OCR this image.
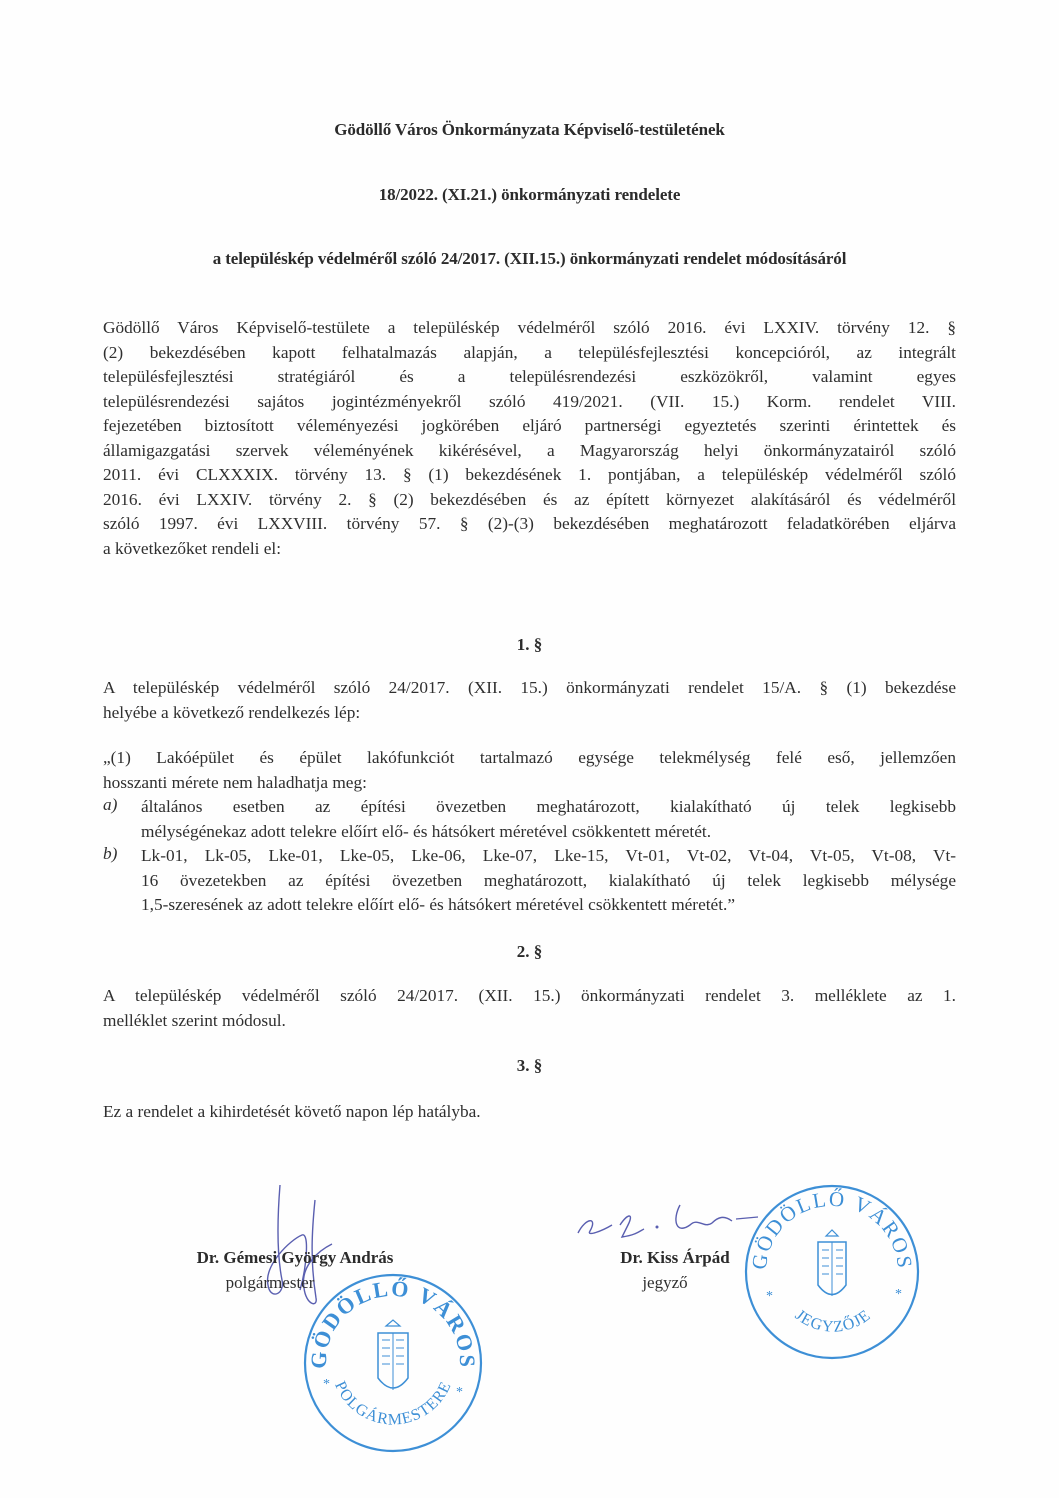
Gödöllő Város Önkormányzata Képviselő-testületének
18/2022. (XI.21.) önkormányzati rendelete
a településkép védelméről szóló 24/2017. (XII.15.) önkormányzati rendelet módosításáról
Gödöllő Város Képviselő-testülete a településkép védelméről szóló 2016. évi LXXIV. törvény 12. §
(2) bekezdésében kapott felhatalmazás alapján, a településfejlesztési koncepcióról, az integrált
településfejlesztési stratégiáról és a településrendezési eszközökről, valamint egyes
településrendezési sajátos jogintézményekről szóló 419/2021. (VII. 15.) Korm. rendelet VIII.
fejezetében biztosított véleményezési jogkörében eljáró partnerségi egyeztetés szerinti érintettek és
államigazgatási szervek véleményének kikérésével, a Magyarország helyi önkormányzatairól szóló
2011. évi CLXXXIX. törvény 13. § (1) bekezdésének 1. pontjában, a településkép védelméről szóló
2016. évi LXXIV. törvény 2. § (2) bekezdésében és az épített környezet alakításáról és védelméről
szóló 1997. évi LXXVIII. törvény 57. § (2)-(3) bekezdésében meghatározott feladatkörében eljárva
a következőket rendeli el:
1. §
A településkép védelméről szóló 24/2017. (XII. 15.) önkormányzati rendelet 15/A. § (1) bekezdése
helyébe a következő rendelkezés lép:
„(1) Lakóépület és épület lakófunkciót tartalmazó egysége telekmélység felé eső, jellemzően
hosszanti mérete nem haladhatja meg:
a) általános esetben az építési övezetben meghatározott, kialakítható új telek legkisebb
mélységénekaz adott telekre előírt elő- és hátsókert méretével csökkentett méretét.
b) Lk-01, Lk-05, Lke-01, Lke-05, Lke-06, Lke-07, Lke-15, Vt-01, Vt-02, Vt-04, Vt-05, Vt-08, Vt-
16 övezetekben az építési övezetben meghatározott, kialakítható új telek legkisebb mélysége
1,5-szeresének az adott telekre előírt elő- és hátsókert méretével csökkentett méretét.”
2. §
A településkép védelméről szóló 24/2017. (XII. 15.) önkormányzati rendelet 3. melléklete az 1.
melléklet szerint módosul.
3. §
Ez a rendelet a kihirdetését követő napon lép hatályba.
Dr. Gémesi György András
polgármester
GÖDÖLLŐ VÁROS
POLGÁRMESTERE
*
*
Dr. Kiss Árpád
jegyző
GÖDÖLLŐ VÁROS
JEGYZŐJE
*	*
